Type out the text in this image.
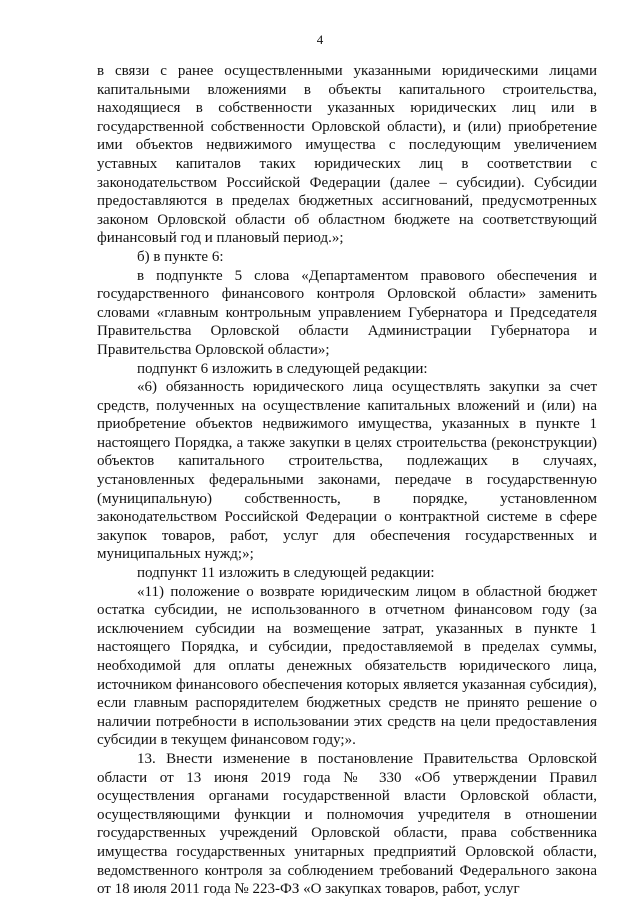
4

в связи с ранее осуществленными указанными юридическими лицами капитальными вложениями в объекты капитального строительства, находящиеся в собственности указанных юридических лиц или в государственной собственности Орловской области), и (или) приобретение ими объектов недвижимого имущества с последующим увеличением уставных капиталов таких юридических лиц в соответствии с законодательством Российской Федерации (далее – субсидии). Субсидии предоставляются в пределах бюджетных ассигнований, предусмотренных законом Орловской области об областном бюджете на соответствующий финансовый год и плановый период.»;

б) в пункте 6:

в подпункте 5 слова «Департаментом правового обеспечения и государственного финансового контроля Орловской области» заменить словами «главным контрольным управлением Губернатора и Председателя Правительства Орловской области Администрации Губернатора и Правительства Орловской области»;

подпункт 6 изложить в следующей редакции:

«6) обязанность юридического лица осуществлять закупки за счет средств, полученных на осуществление капитальных вложений и (или) на приобретение объектов недвижимого имущества, указанных в пункте 1 настоящего Порядка, а также закупки в целях строительства (реконструкции) объектов капитального строительства, подлежащих в случаях, установленных федеральными законами, передаче в государственную (муниципальную) собственность, в порядке, установленном законодательством Российской Федерации о контрактной системе в сфере закупок товаров, работ, услуг для обеспечения государственных и муниципальных нужд;»;

подпункт 11 изложить в следующей редакции:

«11) положение о возврате юридическим лицом в областной бюджет остатка субсидии, не использованного в отчетном финансовом году (за исключением субсидии на возмещение затрат, указанных в пункте 1 настоящего Порядка, и субсидии, предоставляемой в пределах суммы, необходимой для оплаты денежных обязательств юридического лица, источником финансового обеспечения которых является указанная субсидия), если главным распорядителем бюджетных средств не принято решение о наличии потребности в использовании этих средств на цели предоставления субсидии в текущем финансовом году;».

13. Внести изменение в постановление Правительства Орловской области от 13 июня 2019 года № 330 «Об утверждении Правил осуществления органами государственной власти Орловской области, осуществляющими функции и полномочия учредителя в отношении государственных учреждений Орловской области, права собственника имущества государственных унитарных предприятий Орловской области, ведомственного контроля за соблюдением требований Федерального закона от 18 июля 2011 года № 223-ФЗ «О закупках товаров, работ, услуг
